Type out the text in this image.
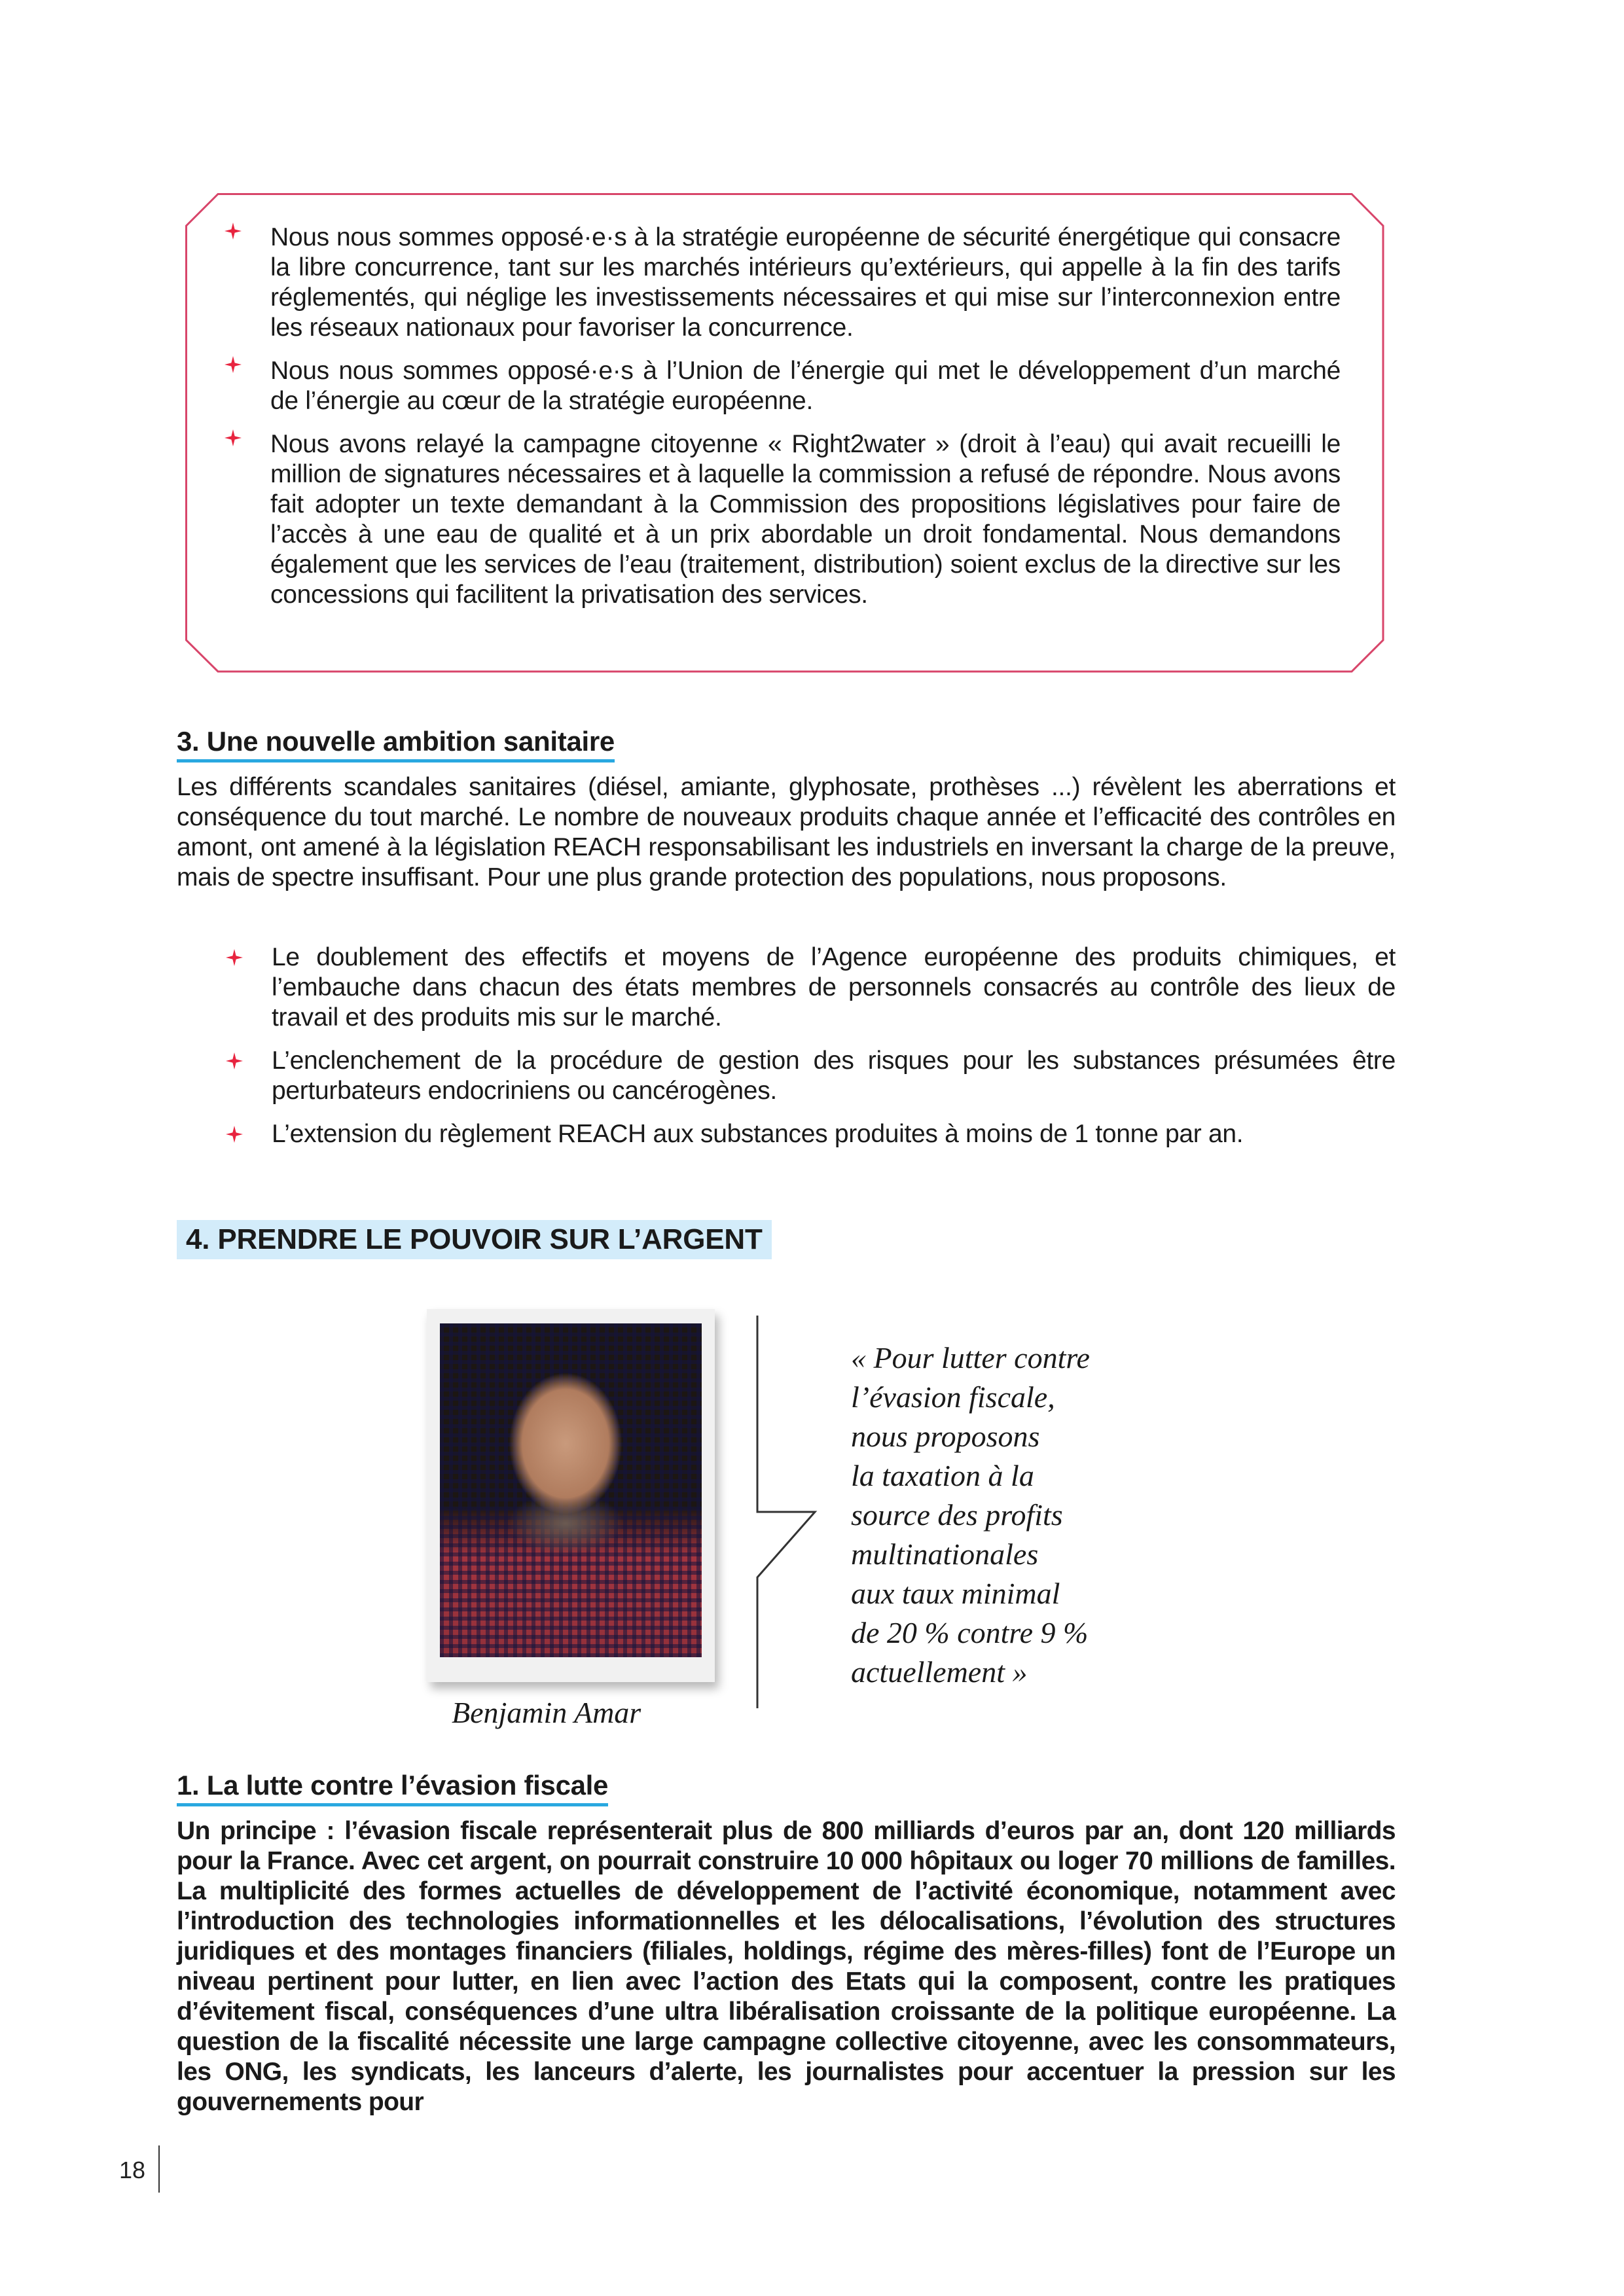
Nous nous sommes opposé·e·s à la stratégie européenne de sécurité énergétique qui consacre la libre concurrence, tant sur les marchés intérieurs qu’extérieurs, qui appelle à la fin des tarifs réglementés, qui néglige les investissements nécessaires et qui mise sur l’interconnexion entre les réseaux nationaux pour favoriser la concurrence.
Nous nous sommes opposé·e·s à l’Union de l’énergie qui met le développement d’un marché de l’énergie au cœur de la stratégie européenne.
Nous avons relayé la campagne citoyenne « Right2water » (droit à l’eau) qui avait recueilli le million de signatures nécessaires et à laquelle la commission a refusé de répondre. Nous avons fait adopter un texte demandant à la Commission des propositions législatives pour faire de l’accès à une eau de qualité et à un prix abordable un droit fondamental. Nous demandons également que les services de l’eau (traitement, distribution) soient exclus de la directive sur les concessions qui facilitent la privatisation des services.
3. Une nouvelle ambition sanitaire
Les différents scandales sanitaires (diésel, amiante, glyphosate, prothèses ...) révèlent les aberrations et conséquence du tout marché. Le nombre de nouveaux produits chaque année et l’efficacité des contrôles en amont, ont amené à la législation REACH responsabilisant les industriels en inversant la charge de la preuve, mais de spectre insuffisant. Pour une plus grande protection des populations, nous proposons.
Le doublement des effectifs et moyens de l’Agence européenne des produits chimiques, et l’embauche dans chacun des états membres de personnels consacrés au contrôle des lieux de travail et des produits mis sur le marché.
L’enclenchement de la procédure de gestion des risques pour les substances présumées être perturbateurs endocriniens ou cancérogènes.
L’extension du règlement REACH aux substances produites à moins de 1 tonne par an.
4. PRENDRE LE POUVOIR SUR L’ARGENT
Benjamin Amar
« Pour lutter contre
l’évasion fiscale,
nous proposons
la taxation à la
source des profits
multinationales
aux taux minimal
de 20 % contre 9 %
actuellement »
1. La lutte contre l’évasion fiscale
Un principe : l’évasion fiscale représenterait plus de 800 milliards d’euros par an, dont 120 milliards pour la France. Avec cet argent, on pourrait construire 10 000 hôpitaux ou loger 70 millions de familles. La multiplicité des formes actuelles de développement de l’activité économique, notamment avec l’introduction des technologies informationnelles et les délocalisations, l’évolution des structures juridiques et des montages financiers (filiales, holdings, régime des mères-filles) font de l’Europe un niveau pertinent pour lutter, en lien avec l’action des Etats qui la composent, contre les pratiques d’évitement fiscal, conséquences d’une ultra libéralisation croissante de la politique européenne. La question de la fiscalité nécessite une large campagne collective citoyenne, avec les consommateurs, les ONG, les syndicats, les lanceurs d’alerte, les journalistes pour accentuer la pression sur les gouvernements pour
18
